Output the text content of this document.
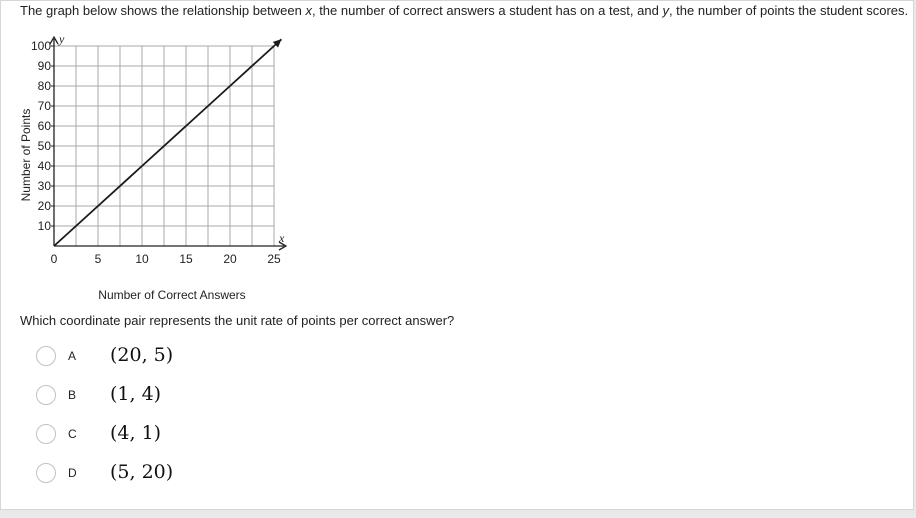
The graph below shows the relationship between x, the number of correct answers a student has on a test, and y, the number of points the student scores.
y
x
10
20
30
40
50
60
70
80
90
100
0	5	10	15	20	25
Number of Points
Number of Correct Answers
Which coordinate pair represents the unit rate of points per correct answer?
A (20, 5)
B (1, 4)
C (4, 1)
D (5, 20)
